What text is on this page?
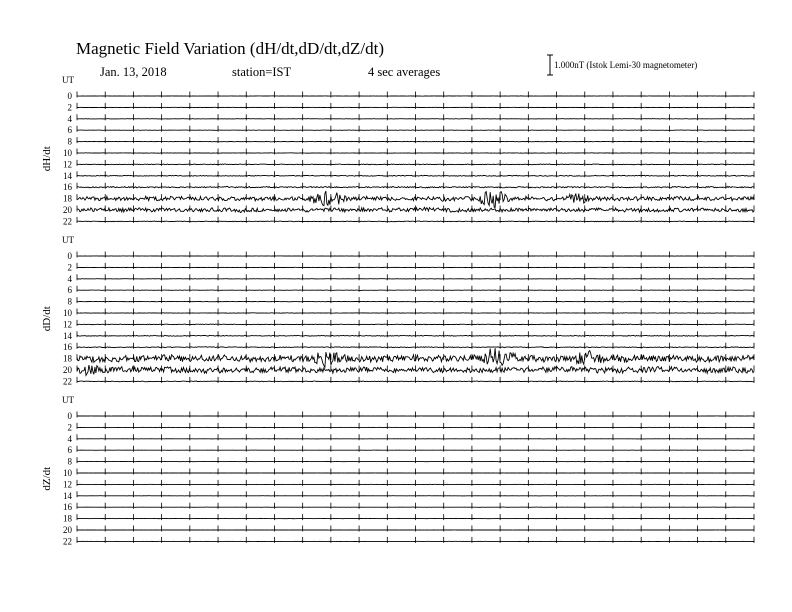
UT
dH/dt
0
2
4
6
8
10
12
14
16
18
20
22
UT
dD/dt
0
2
4
6
8
10
12
14
16
18
20
22
UT
dZ/dt
0
2
4
6
8
10
12
14
16
18
20
22
Magnetic Field Variation (dH/dt,dD/dt,dZ/dt)
Jan. 13, 2018	station=IST	4 sec averages	1.000nT (Istok Lemi-30 magnetometer)
